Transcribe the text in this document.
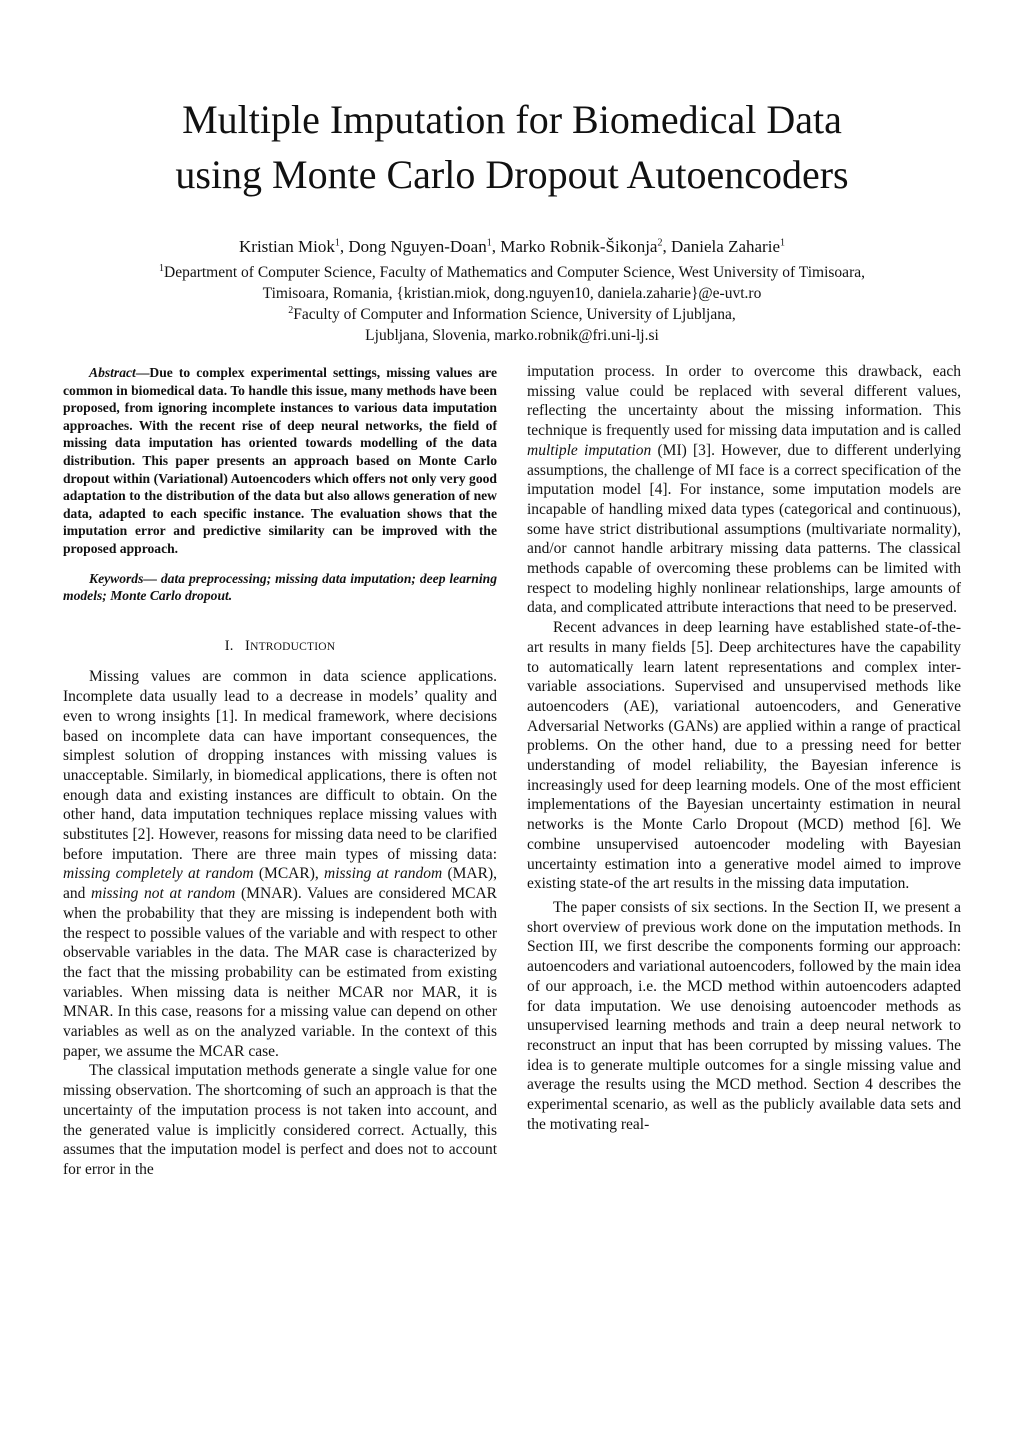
Multiple Imputation for Biomedical Data
using Monte Carlo Dropout Autoencoders
Kristian Miok$^1$, Dong Nguyen-Doan$^1$, Marko Robnik-Šikonja$^2$, Daniela Zaharie$^1$
$^1$Department of Computer Science, Faculty of Mathematics and Computer Science, West University of Timisoara,
Timisoara, Romania, {kristian.miok, dong.nguyen10, daniela.zaharie}@e-uvt.ro
$^2$Faculty of Computer and Information Science, University of Ljubljana,
Ljubljana, Slovenia, marko.robnik@fri.uni-lj.si

Abstract—Due to complex experimental settings, missing values are common in biomedical data. To handle this issue, many methods have been proposed, from ignoring incomplete instances to various data imputation approaches. With the recent rise of deep neural networks, the field of missing data imputation has oriented towards modelling of the data distribution. This paper presents an approach based on Monte Carlo dropout within (Variational) Autoencoders which offers not only very good adaptation to the distribution of the data but also allows generation of new data, adapted to each specific instance. The evaluation shows that the imputation error and predictive similarity can be improved with the proposed approach.

Keywords— data preprocessing; missing data imputation; deep learning models; Monte Carlo dropout.

I. INTRODUCTION

Missing values are common in data science applications. Incomplete data usually lead to a decrease in models’ quality and even to wrong insights [1]. In medical framework, where decisions based on incomplete data can have important consequences, the simplest solution of dropping instances with missing values is unacceptable. Similarly, in biomedical applications, there is often not enough data and existing instances are difficult to obtain. On the other hand, data imputation techniques replace missing values with substitutes [2]. However, reasons for missing data need to be clarified before imputation. There are three main types of missing data: missing completely at random (MCAR), missing at random (MAR), and missing not at random (MNAR). Values are considered MCAR when the probability that they are missing is independent both with the respect to possible values of the variable and with respect to other observable variables in the data. The MAR case is characterized by the fact that the missing probability can be estimated from existing variables. When missing data is neither MCAR nor MAR, it is MNAR. In this case, reasons for a missing value can depend on other variables as well as on the analyzed variable. In the context of this paper, we assume the MCAR case.

The classical imputation methods generate a single value for one missing observation. The shortcoming of such an approach is that the uncertainty of the imputation process is not taken into account, and the generated value is implicitly considered correct. Actually, this assumes that the imputation model is perfect and does not to account for error in the

imputation process. In order to overcome this drawback, each missing value could be replaced with several different values, reflecting the uncertainty about the missing information. This technique is frequently used for missing data imputation and is called multiple imputation (MI) [3]. However, due to different underlying assumptions, the challenge of MI face is a correct specification of the imputation model [4]. For instance, some imputation models are incapable of handling mixed data types (categorical and continuous), some have strict distributional assumptions (multivariate normality), and/or cannot handle arbitrary missing data patterns. The classical methods capable of overcoming these problems can be limited with respect to modeling highly nonlinear relationships, large amounts of data, and complicated attribute interactions that need to be preserved.

Recent advances in deep learning have established state-of-the-art results in many fields [5]. Deep architectures have the capability to automatically learn latent representations and complex inter-variable associations. Supervised and unsupervised methods like autoencoders (AE), variational autoencoders, and Generative Adversarial Networks (GANs) are applied within a range of practical problems. On the other hand, due to a pressing need for better understanding of model reliability, the Bayesian inference is increasingly used for deep learning models. One of the most efficient implementations of the Bayesian uncertainty estimation in neural networks is the Monte Carlo Dropout (MCD) method [6]. We combine unsupervised autoencoder modeling with Bayesian uncertainty estimation into a generative model aimed to improve existing state-of the art results in the missing data imputation.

The paper consists of six sections. In the Section II, we present a short overview of previous work done on the imputation methods. In Section III, we first describe the components forming our approach: autoencoders and variational autoencoders, followed by the main idea of our approach, i.e. the MCD method within autoencoders adapted for data imputation. We use denoising autoencoder methods as unsupervised learning methods and train a deep neural network to reconstruct an input that has been corrupted by missing values. The idea is to generate multiple outcomes for a single missing value and average the results using the MCD method. Section 4 describes the experimental scenario, as well as the publicly available data sets and the motivating real-
